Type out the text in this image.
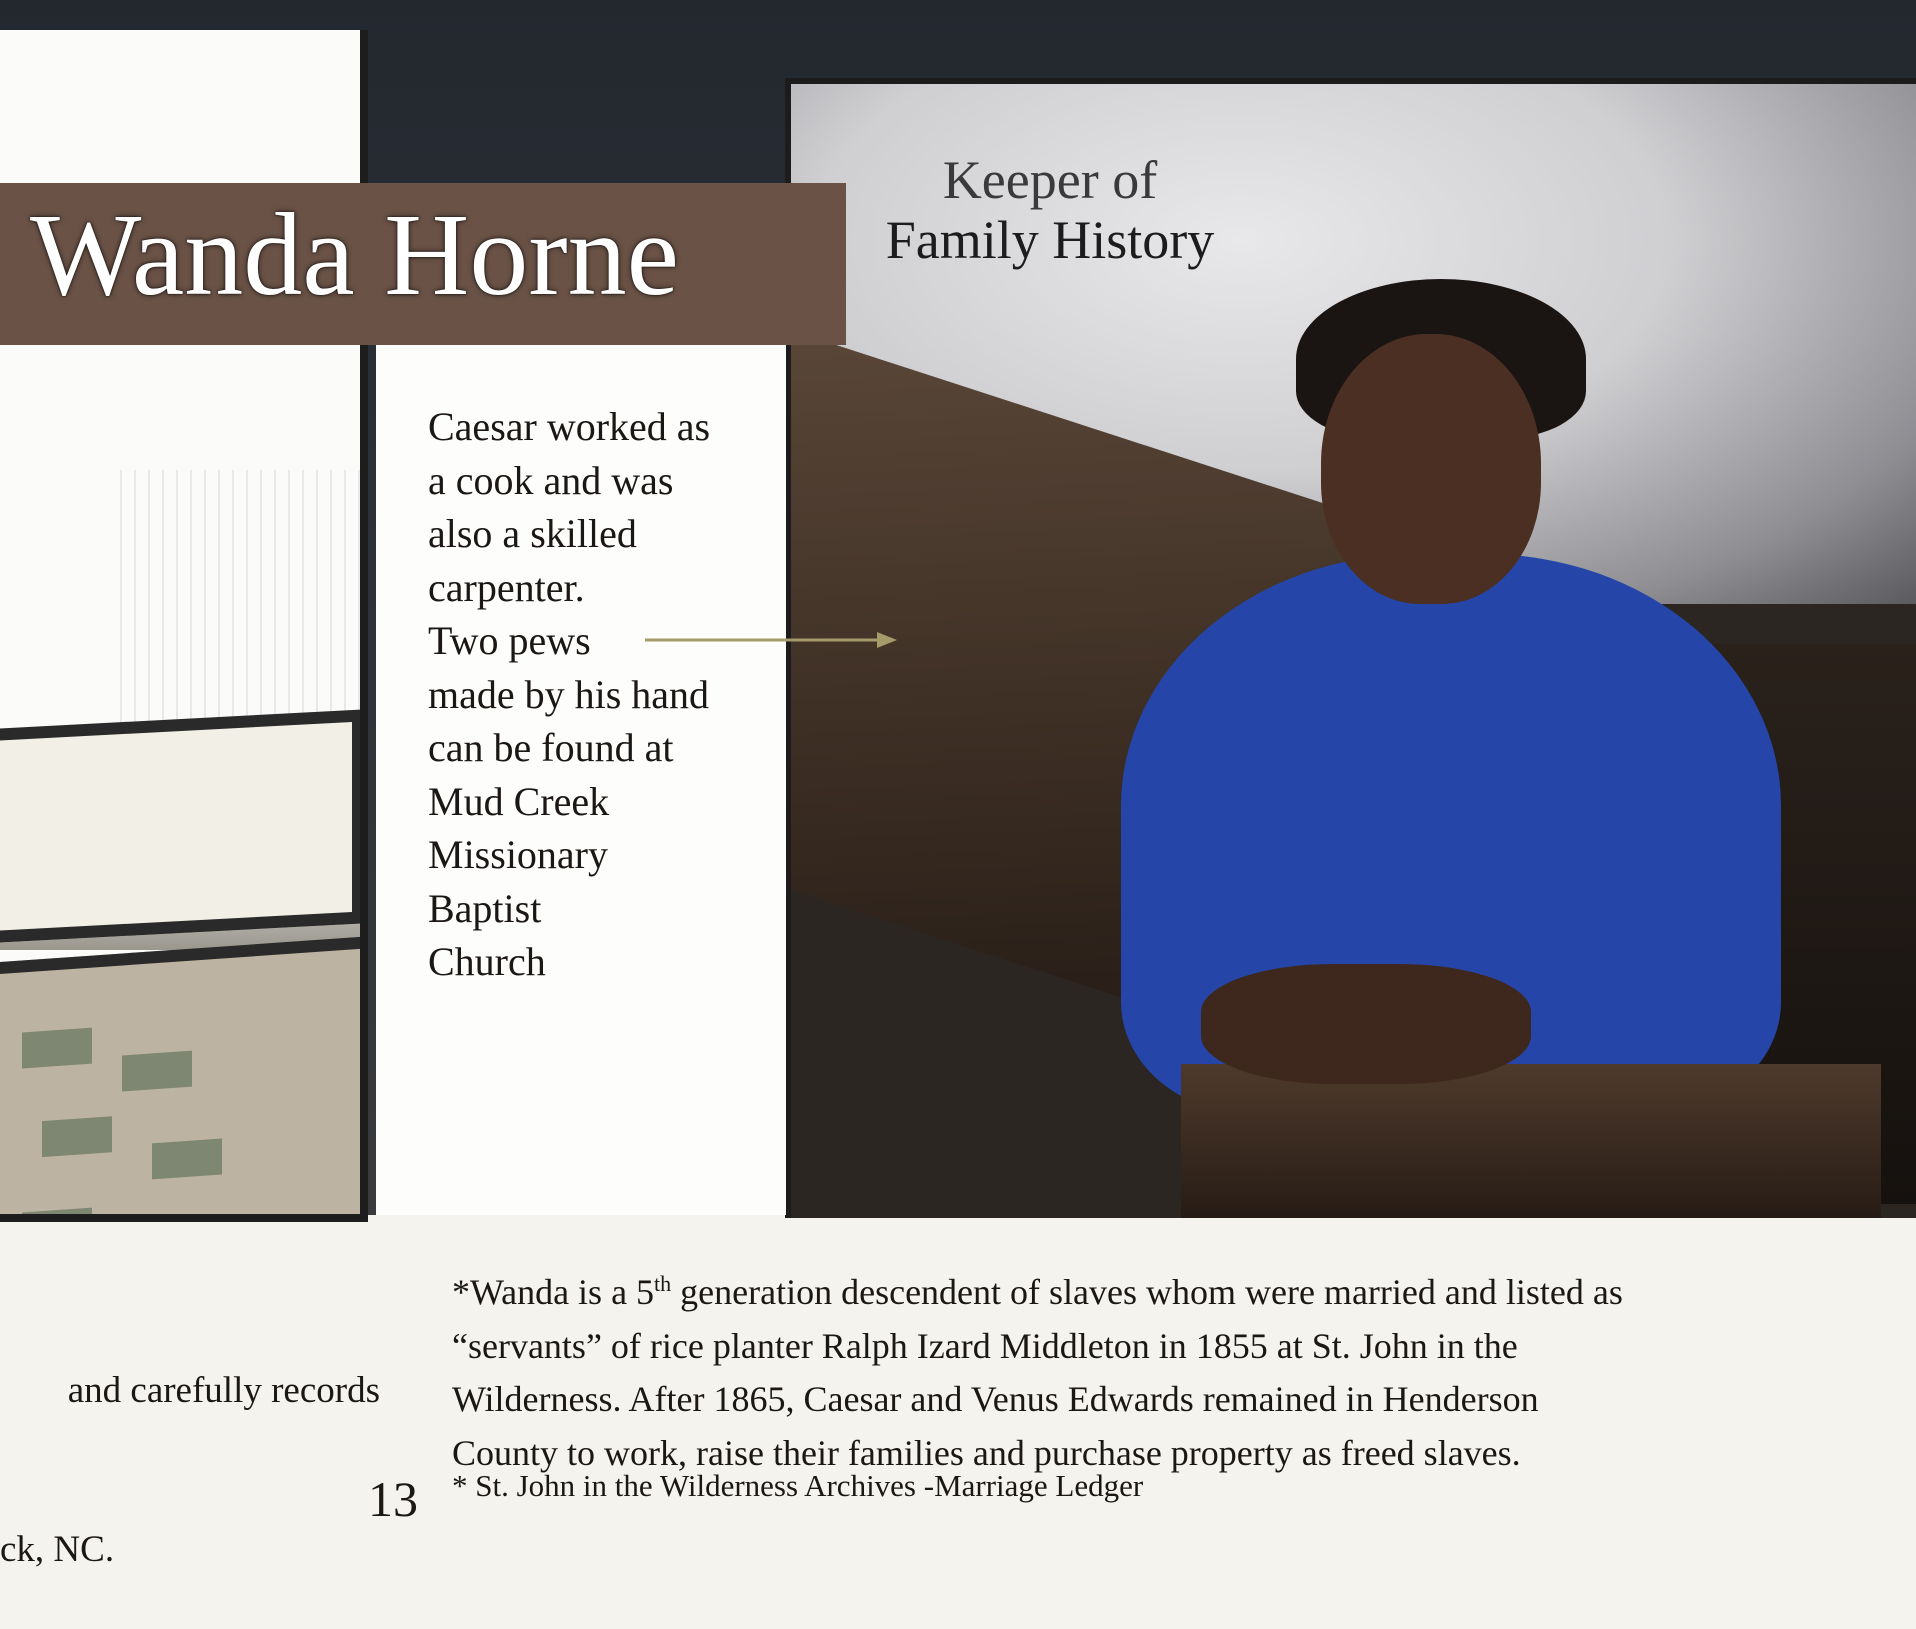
Keeper of
Family History
Wanda Horne
Caesar worked as
a cook and was
also a skilled
carpenter.
Two pews
made by his hand
can be found at
Mud Creek
Missionary
Baptist
Church

and carefully records

ck, NC.

*Wanda is a 5th generation descendent of slaves whom were married and listed as
“servants” of rice planter Ralph Izard Middleton in 1855 at St. John in the
Wilderness. After 1865, Caesar and Venus Edwards remained in Henderson
County to work, raise their families and purchase property as freed slaves.
13 * St. John in the Wilderness Archives -Marriage Ledger
